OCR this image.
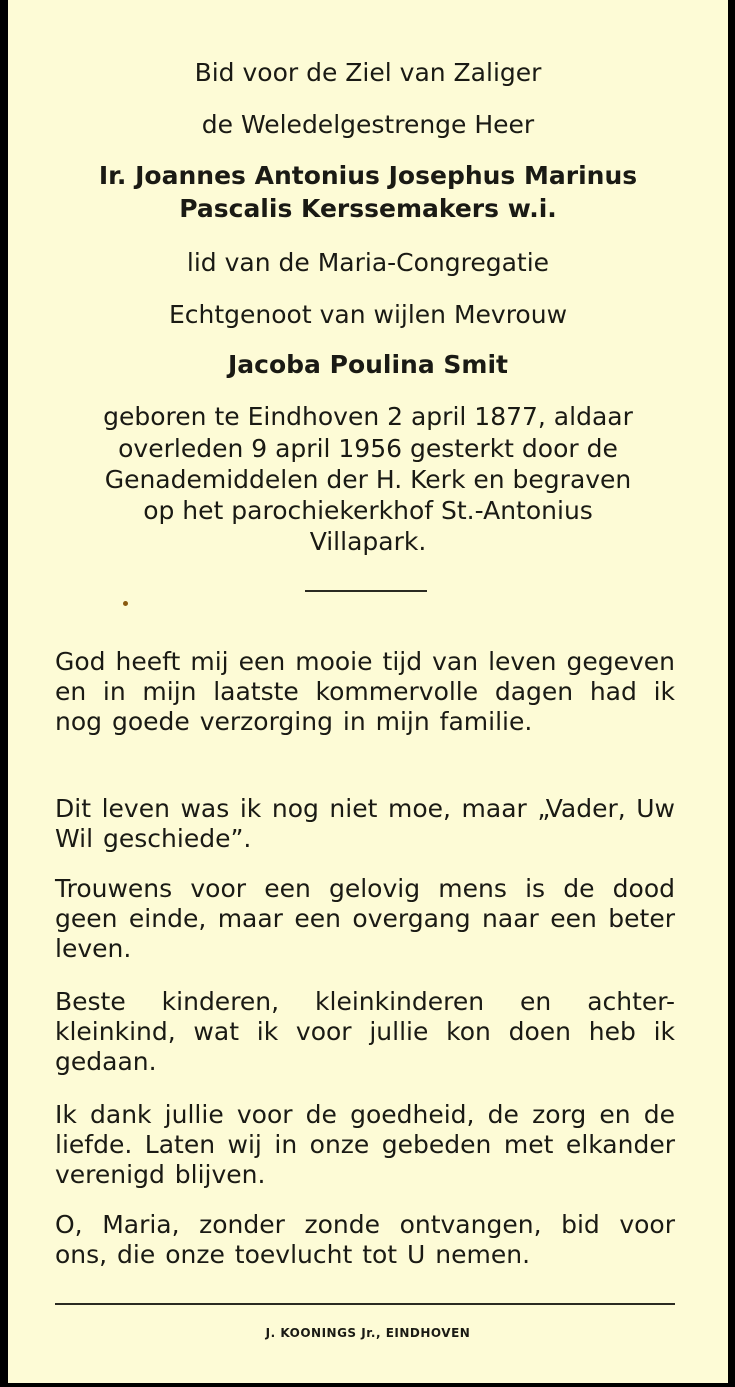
Bid voor de Ziel van Zaliger
de Weledelgestrenge Heer
Ir. Joannes Antonius Josephus Marinus
Pascalis Kerssemakers w.i.
lid van de Maria-Congregatie
Echtgenoot van wijlen Mevrouw
Jacoba Poulina Smit
geboren te Eindhoven 2 april 1877, aldaar
overleden 9 april 1956 gesterkt door de
Genademiddelen der H. Kerk en begraven
op het parochiekerkhof St.-Antonius
Villapark.
God heeft mij een mooie tijd van leven gegeven en in mijn laatste kommervolle dagen had ik nog goede verzorging in mijn familie.
Dit leven was ik nog niet moe, maar „Vader, Uw Wil geschiede”.
Trouwens voor een gelovig mens is de dood geen einde, maar een overgang naar een beter leven.
Beste kinderen, kleinkinderen en achter-kleinkind, wat ik voor jullie kon doen heb ik gedaan.
Ik dank jullie voor de goedheid, de zorg en de liefde. Laten wij in onze gebeden met elkander verenigd blijven.
O, Maria, zonder zonde ontvangen, bid voor ons, die onze toevlucht tot U nemen.
J. KOONINGS Jr., EINDHOVEN
